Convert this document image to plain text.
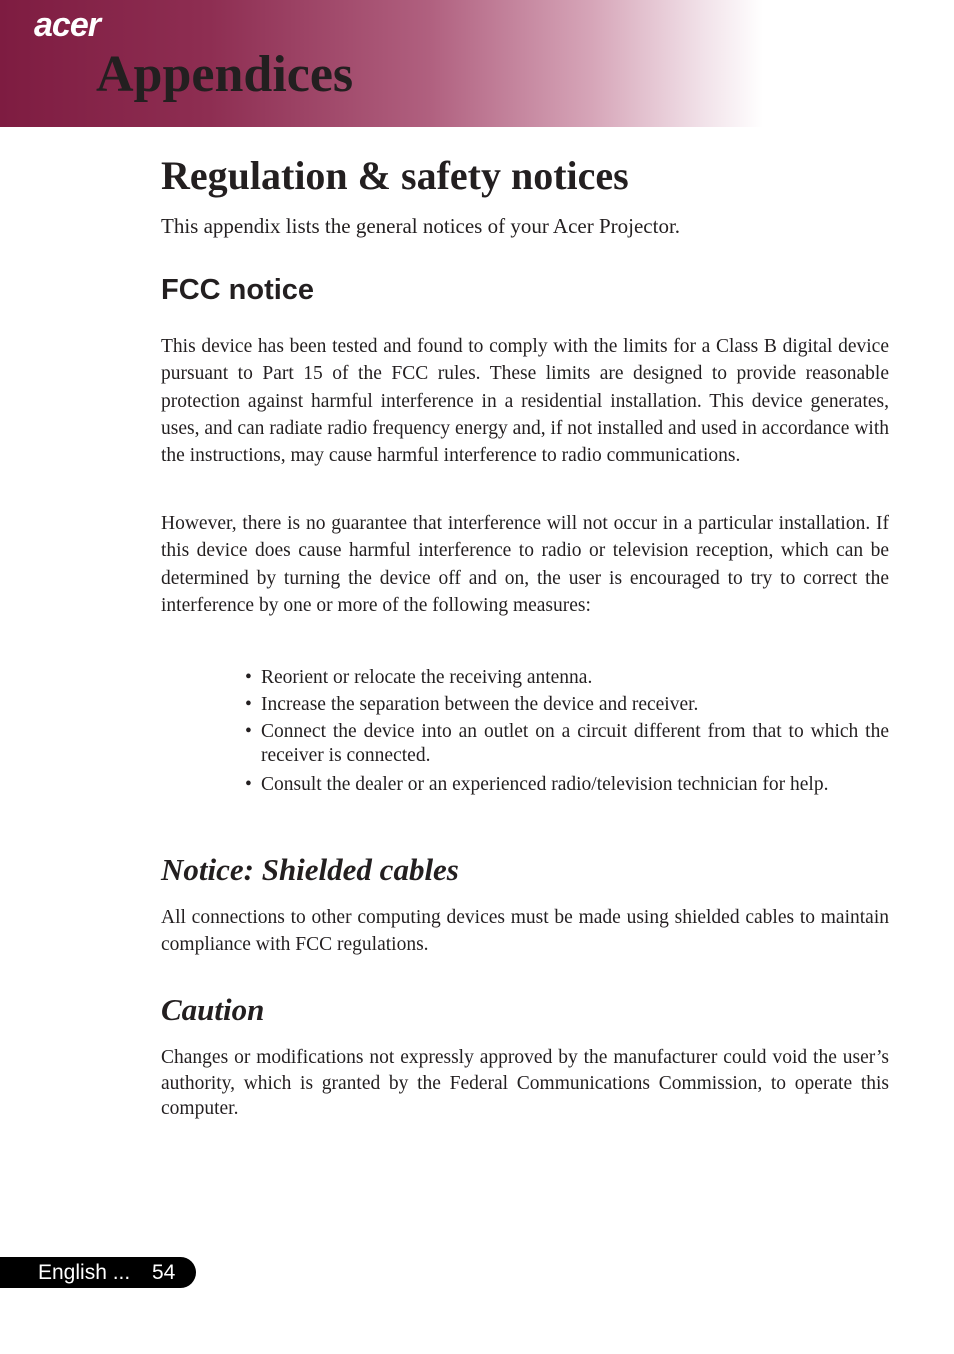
acer
Appendices
Regulation & safety notices

This appendix lists the general notices of your Acer Projector.

FCC notice

This device has been tested and found to comply with the limits for a Class B digital device pursuant to Part 15 of the FCC rules. These limits are designed to provide reasonable protection against harmful interference in a residential installation. This device generates, uses, and can radiate radio frequency energy and, if not installed and used in accordance with the instructions, may cause harmful interference to radio communications.

However, there is no guarantee that interference will not occur in a particular installation. If this device does cause harmful interference to radio or television reception, which can be determined by turning the device off and on, the user is encouraged to try to correct the interference by one or more of the following measures:

• Reorient or relocate the receiving antenna.
• Increase the separation between the device and receiver.
• Connect the device into an outlet on a circuit different from that to which the receiver is connected.
• Consult the dealer or an experienced radio/television technician for help.
Notice: Shielded cables

All connections to other computing devices must be made using shielded cables to maintain compliance with FCC regulations.

Caution

Changes or modifications not expressly approved by the manufacturer could void the user’s authority, which is granted by the Federal Communications Commission, to operate this computer.

English ... 54
